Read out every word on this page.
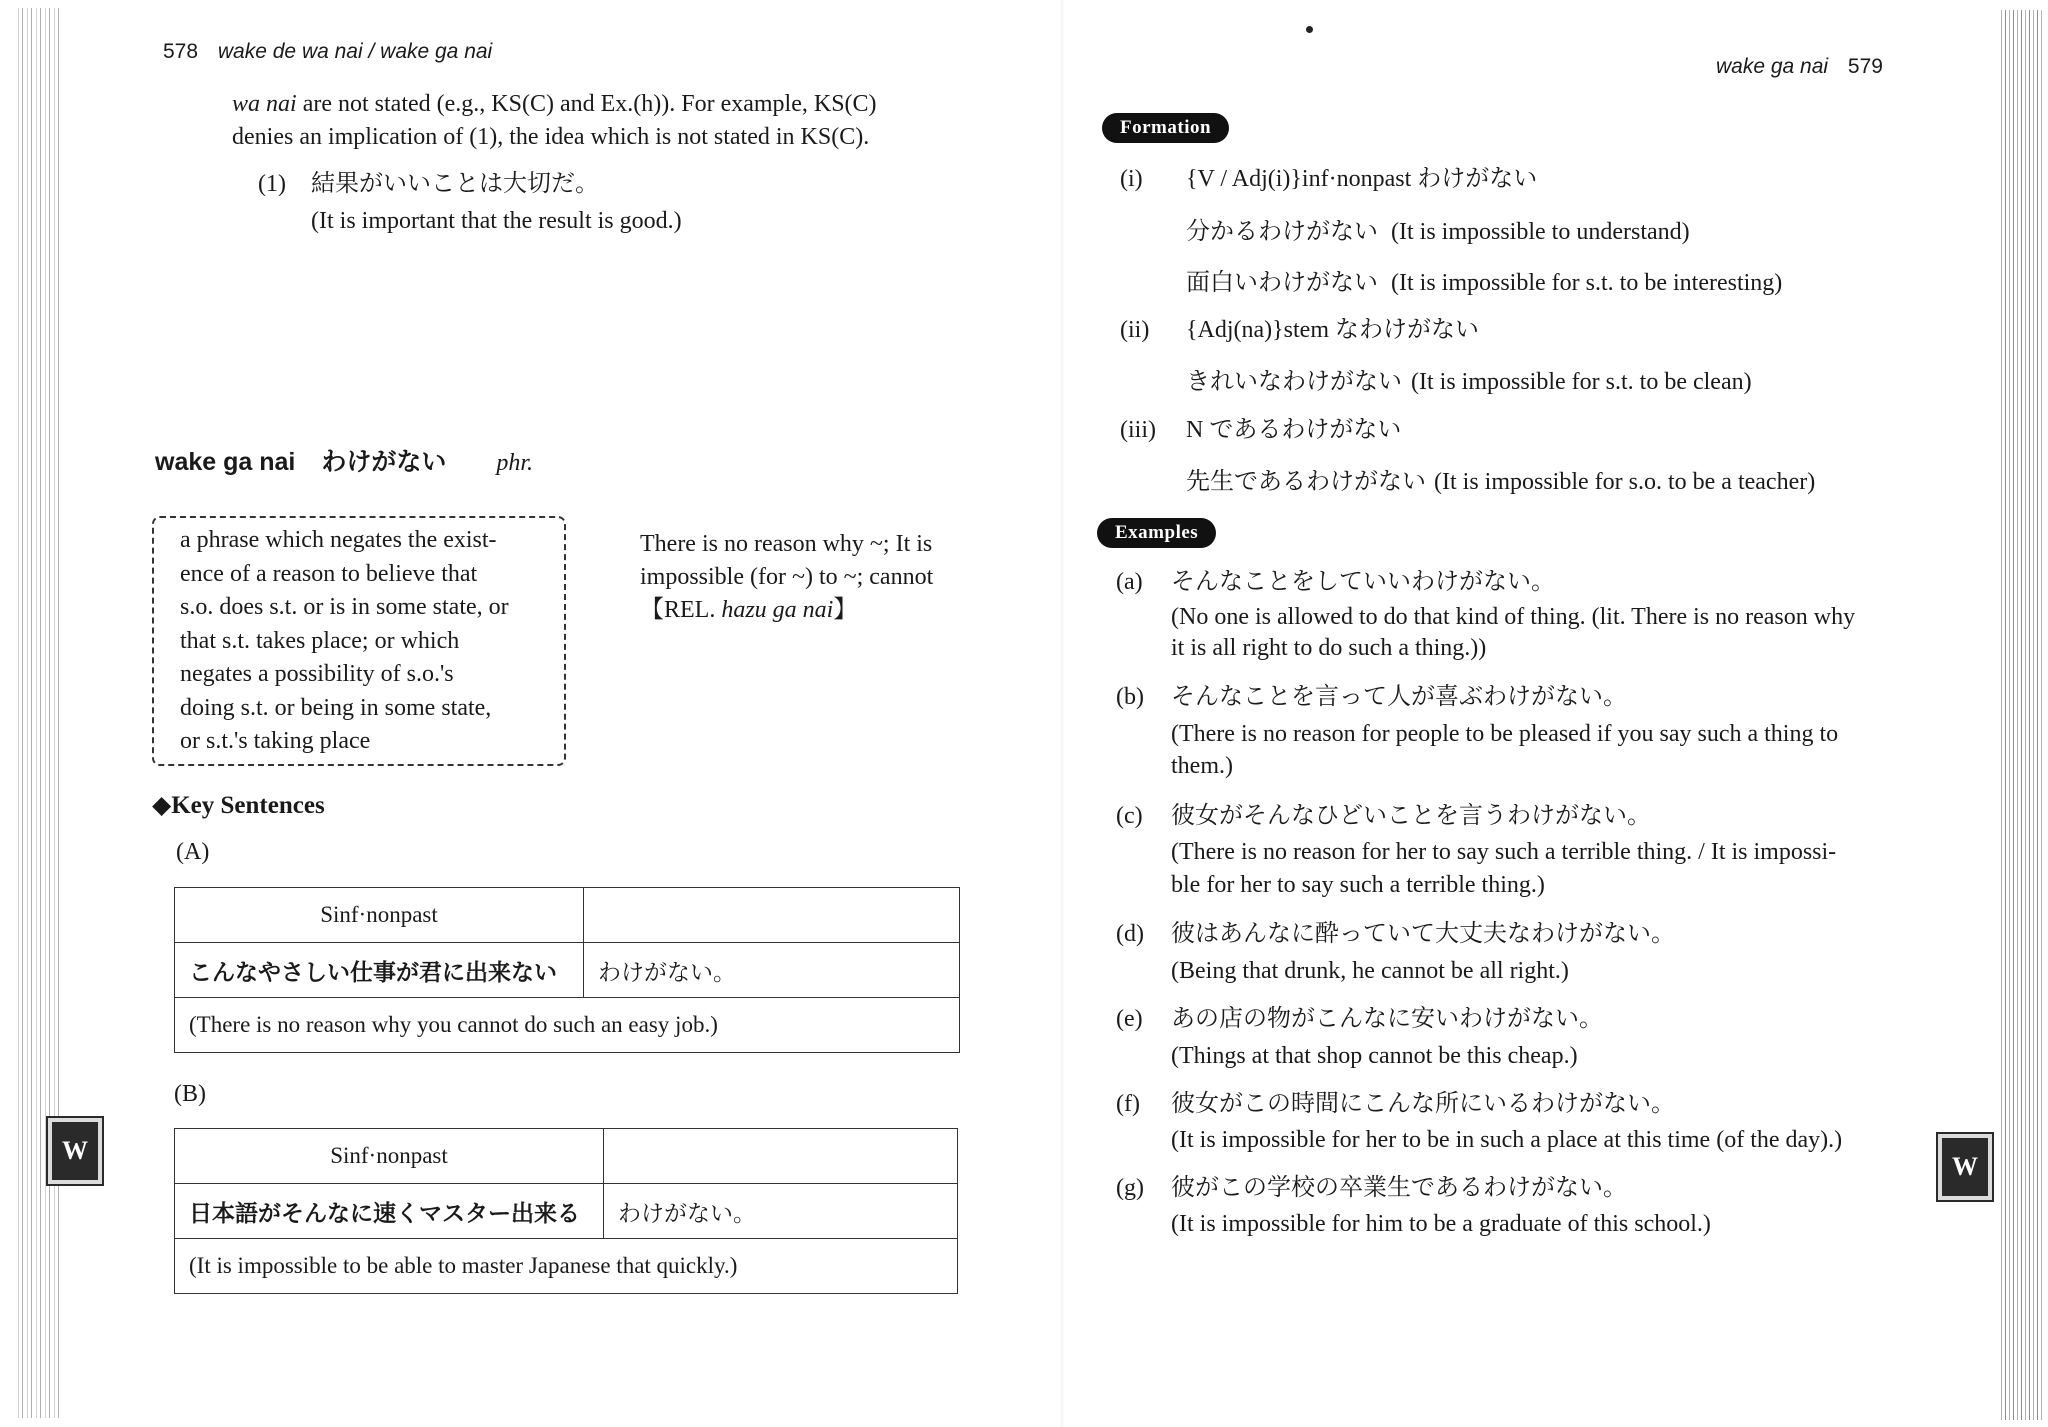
578 wake de wa nai / wake ga nai
wa nai are not stated (e.g., KS(C) and Ex.(h)). For example, KS(C)
denies an implication of (1), the idea which is not stated in KS(C).
(1) 結果がいいことは大切だ。
(It is important that the result is good.)
wake ga nai わけがない phr.

a phrase which negates the exist-

ence of a reason to believe that

s.o. does s.t. or is in some state, or

that s.t. takes place; or which

negates a possibility of s.o.'s

doing s.t. or being in some state,

or s.t.'s taking place

There is no reason why ~; It is
impossible (for ~) to ~; cannot
【REL. hazu ga nai】
◆Key Sentences
(A)
Sinf·nonpast	
こんなやさしい仕事が君に出来ない	わけがない。
(There is no reason why you cannot do such an easy job.)	
(B)
Sinf·nonpast	
日本語がそんなに速くマスター出来る	わけがない。
(It is impossible to be able to master Japanese that quickly.)	
W
wake ga nai 579
Formation
(i) {V / Adj(i)}inf·nonpast わけがない
分かるわけがない (It is impossible to understand)
面白いわけがない (It is impossible for s.t. to be interesting)
(ii) {Adj(na)}stem なわけがない
きれいなわけがない (It is impossible for s.t. to be clean)
(iii) N であるわけがない
先生であるわけがない (It is impossible for s.o. to be a teacher)
Examples
(a) そんなことをしていいわけがない。
(No one is allowed to do that kind of thing. (lit. There is no reason why
it is all right to do such a thing.))
(b) そんなことを言って人が喜ぶわけがない。
(There is no reason for people to be pleased if you say such a thing to
them.)
(c) 彼女がそんなひどいことを言うわけがない。
(There is no reason for her to say such a terrible thing. / It is impossi-
ble for her to say such a terrible thing.)
(d) 彼はあんなに酔っていて大丈夫なわけがない。
(Being that drunk, he cannot be all right.)
(e) あの店の物がこんなに安いわけがない。
(Things at that shop cannot be this cheap.)
(f) 彼女がこの時間にこんな所にいるわけがない。
(It is impossible for her to be in such a place at this time (of the day).)
(g) 彼がこの学校の卒業生であるわけがない。
(It is impossible for him to be a graduate of this school.)
W
